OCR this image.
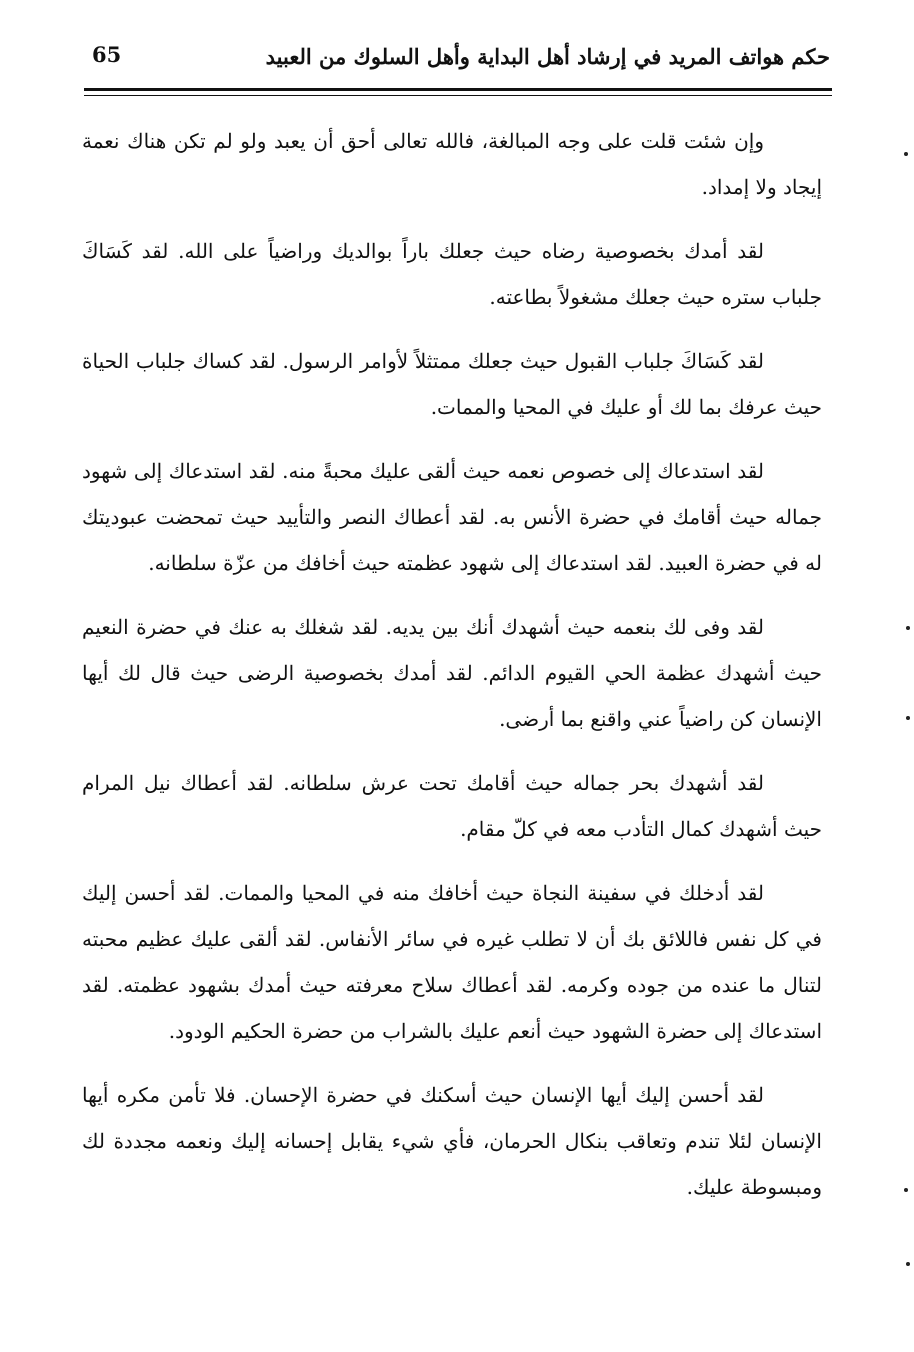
حكم هواتف المريد في إرشاد أهل البداية وأهل السلوك من العبيد
65

وإن شئت قلت على وجه المبالغة، فالله تعالى أحق أن يعبد ولو لم تكن هناك نعمة إيجاد ولا إمداد.

لقد أمدك بخصوصية رضاه حيث جعلك باراً بوالديك وراضياً على الله. لقد كَسَاكَ جلباب ستره حيث جعلك مشغولاً بطاعته.

لقد كَسَاكَ جلباب القبول حيث جعلك ممتثلاً لأوامر الرسول. لقد كساك جلباب الحياة حيث عرفك بما لك أو عليك في المحيا والممات.

لقد استدعاك إلى خصوص نعمه حيث ألقى عليك محبةً منه. لقد استدعاك إلى شهود جماله حيث أقامك في حضرة الأنس به. لقد أعطاك النصر والتأييد حيث تمحضت عبوديتك له في حضرة العبيد. لقد استدعاك إلى شهود عظمته حيث أخافك من عزّة سلطانه.

لقد وفى لك بنعمه حيث أشهدك أنك بين يديه. لقد شغلك به عنك في حضرة النعيم حيث أشهدك عظمة الحي القيوم الدائم. لقد أمدك بخصوصية الرضى حيث قال لك أيها الإنسان كن راضياً عني واقنع بما أرضى.

لقد أشهدك بحر جماله حيث أقامك تحت عرش سلطانه. لقد أعطاك نيل المرام حيث أشهدك كمال التأدب معه في كلّ مقام.

لقد أدخلك في سفينة النجاة حيث أخافك منه في المحيا والممات. لقد أحسن إليك في كل نفس فاللائق بك أن لا تطلب غيره في سائر الأنفاس. لقد ألقى عليك عظيم محبته لتنال ما عنده من جوده وكرمه. لقد أعطاك سلاح معرفته حيث أمدك بشهود عظمته. لقد استدعاك إلى حضرة الشهود حيث أنعم عليك بالشراب من حضرة الحكيم الودود.

لقد أحسن إليك أيها الإنسان حيث أسكنك في حضرة الإحسان. فلا تأمن مكره أيها الإنسان لئلا تندم وتعاقب بنكال الحرمان، فأي شيء يقابل إحسانه إليك ونعمه مجددة لك ومبسوطة عليك.
